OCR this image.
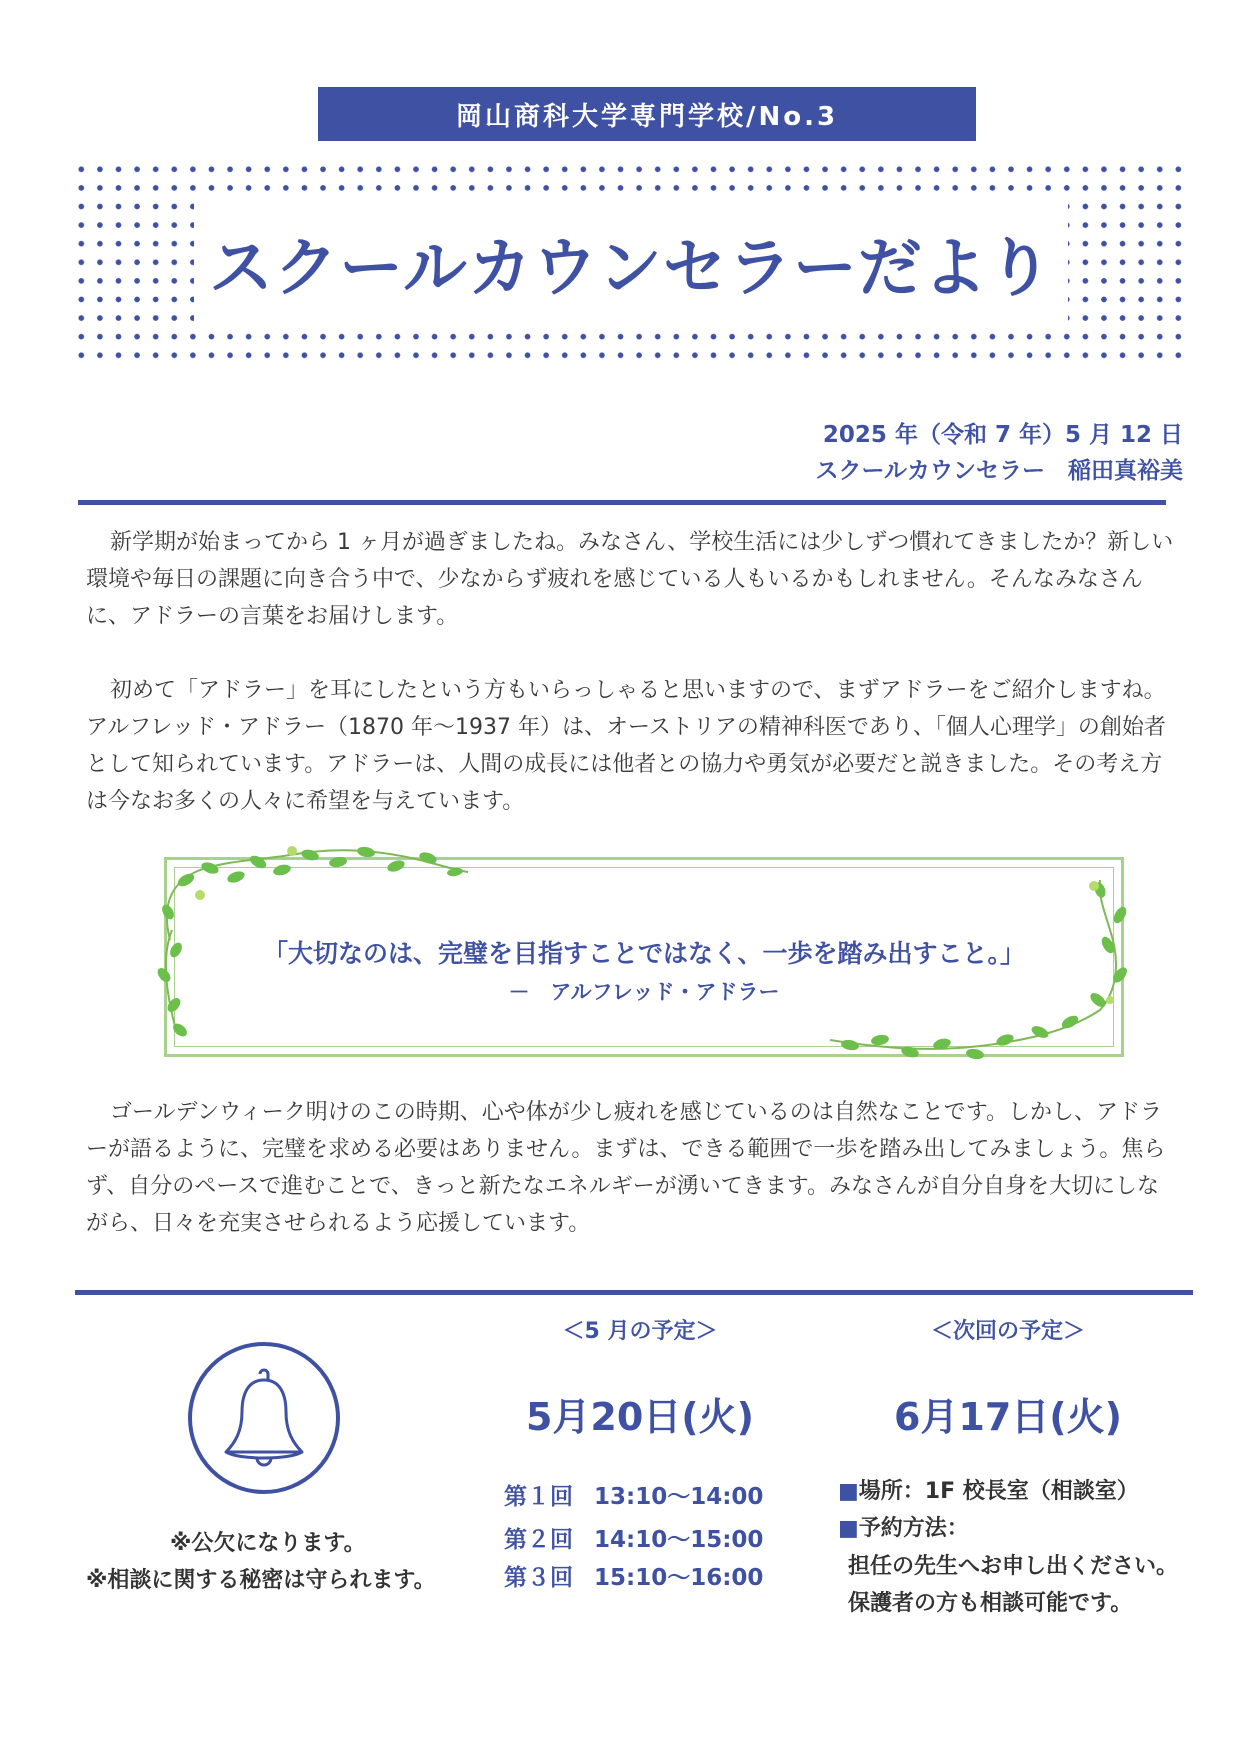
岡山商科大学専門学校/No.3
スクールカウンセラーだより
2025 年（令和 7 年）5 月 12 日
スクールカウンセラー　稲田真裕美

新学期が始まってから 1 ヶ月が過ぎましたね。みなさん、学校生活には少しずつ慣れてきましたか？新しい環境や毎日の課題に向き合う中で、少なからず疲れを感じている人もいるかもしれません。そんなみなさんに、アドラーの言葉をお届けします。

初めて「アドラー」を耳にしたという方もいらっしゃると思いますので、まずアドラーをご紹介しますね。アルフレッド・アドラー（1870 年～1937 年）は、オーストリアの精神科医であり、「個人心理学」の創始者として知られています。アドラーは、人間の成長には他者との協力や勇気が必要だと説きました。その考え方は今なお多くの人々に希望を与えています。

「大切なのは、完璧を目指すことではなく、一歩を踏み出すこと。」
－　アルフレッド・アドラー

ゴールデンウィーク明けのこの時期、心や体が少し疲れを感じているのは自然なことです。しかし、アドラーが語るように、完璧を求める必要はありません。まずは、できる範囲で一歩を踏み出してみましょう。焦らず、自分のペースで進むことで、きっと新たなエネルギーが湧いてきます。みなさんが自分自身を大切にしながら、日々を充実させられるよう応援しています。

※公欠になります。
※相談に関する秘密は守られます。
＜5 月の予定＞
5月20日(火)
第１回 13:10～14:00
第２回 14:10～15:00
第３回 15:10～16:00
＜次回の予定＞
6月17日(火)
■場所：1F 校長室（相談室）
■予約方法：
担任の先生へお申し出ください。
保護者の方も相談可能です。
